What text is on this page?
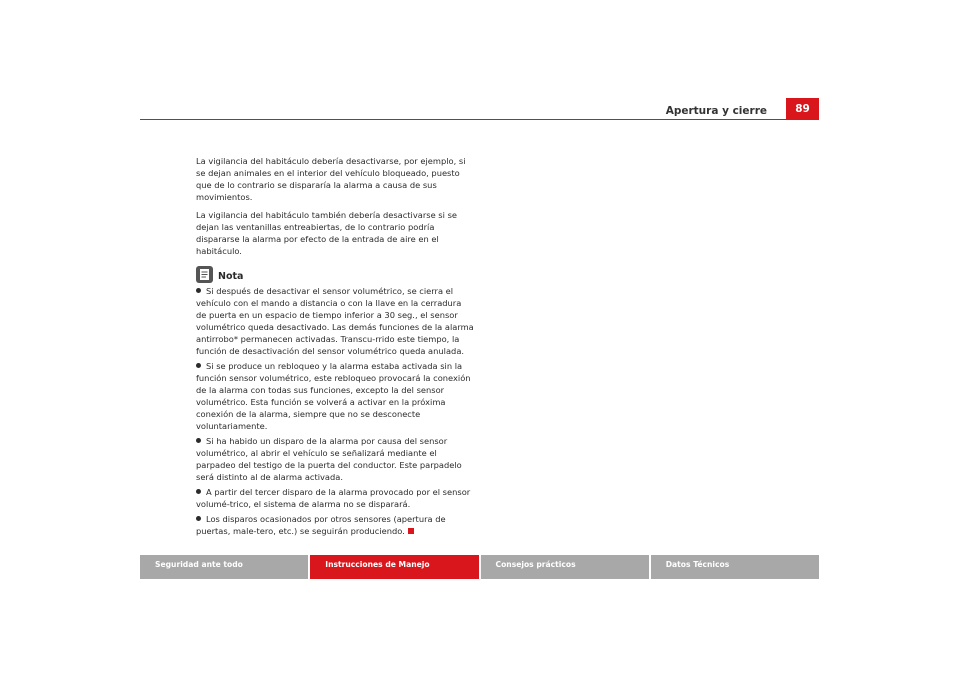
Apertura y cierre	89

La vigilancia del habitáculo debería desactivarse, por ejemplo, si se dejan animales en el interior del vehículo bloqueado, puesto que de lo contrario se dispararía la alarma a causa de sus movimientos.

La vigilancia del habitáculo también debería desactivarse si se dejan las ventanillas entreabiertas, de lo contrario podría dispararse la alarma por efecto de la entrada de aire en el habitáculo.

Nota
Si después de desactivar el sensor volumétrico, se cierra el vehículo con el mando a distancia o con la llave en la cerradura de puerta en un espacio de tiempo inferior a 30 seg., el sensor volumétrico queda desactivado. Las demás funciones de la alarma antirrobo* permanecen activadas. Transcu-rrido este tiempo, la función de desactivación del sensor volumétrico queda anulada.
Si se produce un rebloqueo y la alarma estaba activada sin la función sensor volumétrico, este rebloqueo provocará la conexión de la alarma con todas sus funciones, excepto la del sensor volumétrico. Esta función se volverá a activar en la próxima conexión de la alarma, siempre que no se desconecte voluntariamente.
Si ha habido un disparo de la alarma por causa del sensor volumétrico, al abrir el vehículo se señalizará mediante el parpadeo del testigo de la puerta del conductor. Este parpadelo será distinto al de alarma activada.
A partir del tercer disparo de la alarma provocado por el sensor volumé-trico, el sistema de alarma no se disparará.
Los disparos ocasionados por otros sensores (apertura de puertas, male-tero, etc.) se seguirán produciendo.
Seguridad ante todo	Instrucciones de Manejo	Consejos prácticos	Datos Técnicos
